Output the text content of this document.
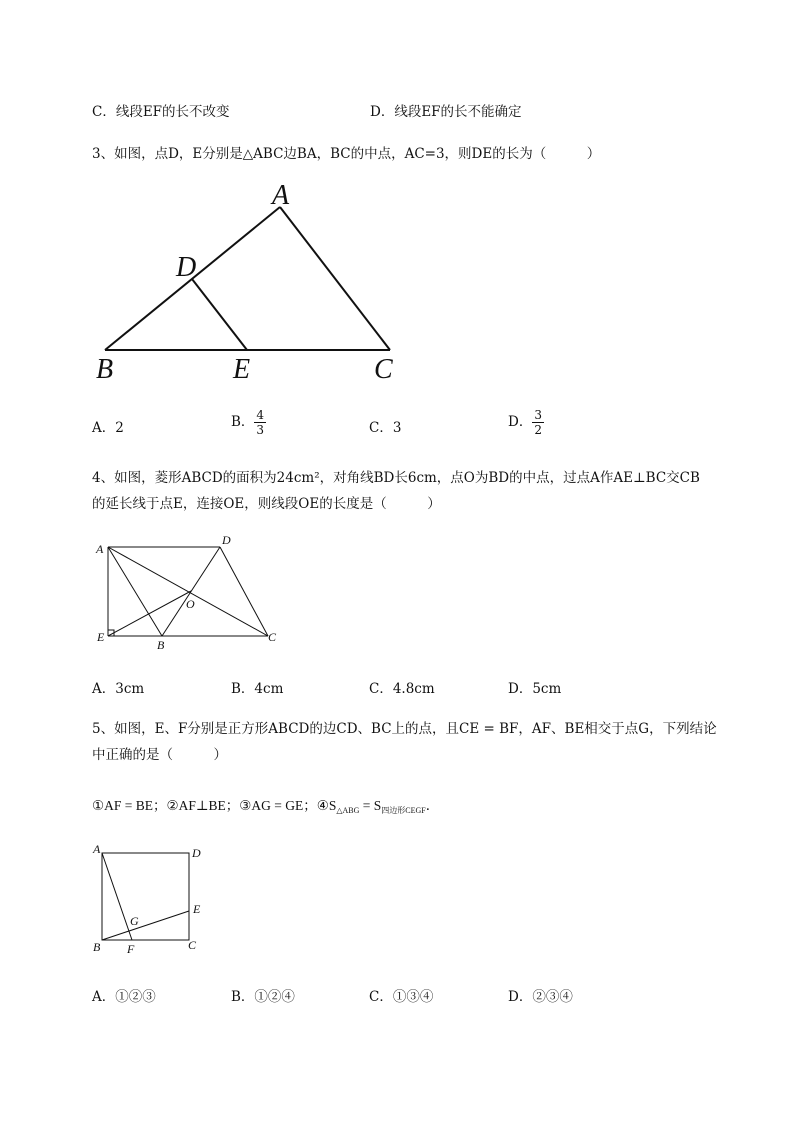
C．线段EF的长不改变	D．线段EF的长不能确定
3、如图，点D，E分别是△ABC边BA，BC的中点，AC=3，则DE的长为（　　　）
A
D
B	E	C
A．2	B． $\frac{4}{3}$	C．3	D． $\frac{3}{2}$
4、如图，菱形ABCD的面积为24cm²，对角线BD长6cm，点O为BD的中点，过点A作AE⊥BC交CB
的延长线于点E，连接OE，则线段OE的长度是（　　　）
A
D
O
E
B
C
A．3cm	B．4cm	C．4.8cm	D．5cm
5、如图，E、F分别是正方形ABCD的边CD、BC上的点，且CE = BF，AF、BE相交于点G，下列结论
中正确的是（　　　）
①AF = BE；②AF⊥BE；③AG = GE；$④S_{\triangle ABG} = S_{四边形CEGF}$．
A	D
E
G
B F	C
A．①②③	B．①②④	C．①③④	D．②③④
